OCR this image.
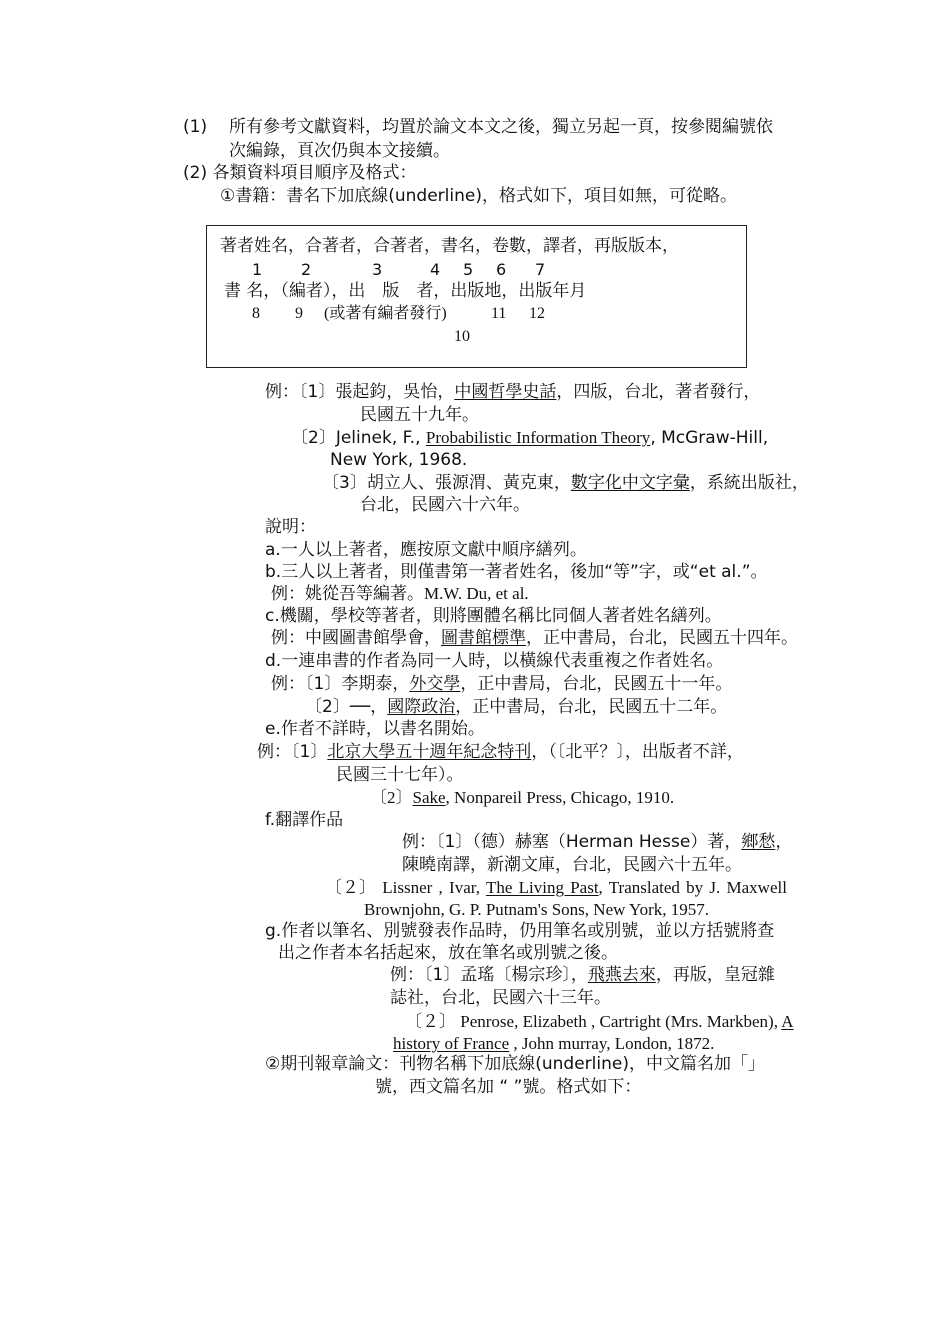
(1) 所有參考文獻資料，均置於論文本文之後，獨立另起一頁，按參閱編號依
次編錄，頁次仍與本文接續。
(2) 各類資料項目順序及格式：
①書籍：書名下加底線(underline)，格式如下，項目如無，可從略。
著者姓名，合著者，合著者，書名，卷數，譯者，再版版本，
1 2	3	4 5 6 7
書 名，（編者），出　版　者，出版地，出版年月
8 9 (或著有編者發行)	11 12
10
例：〔1〕張起鈞，吳怡，中國哲學史話，四版，台北，著者發行，
民國五十九年。
〔2〕Jelinek, F., Probabilistic Information Theory, McGraw-Hill,
New York, 1968.
〔3〕胡立人、張源渭、黃克東，數字化中文字彙，系統出版社，
台北，民國六十六年。
說明：
a.一人以上著者，應按原文獻中順序繕列。
b.三人以上著者，則僅書第一著者姓名，後加“等”字，或“et al.”。
例：姚從吾等編著。M.W. Du, et al.
c.機關，學校等著者，則將團體名稱比同個人著者姓名繕列。
例：中國圖書館學會，圖書館標準，正中書局，台北，民國五十四年。
d.一連串書的作者為同一人時，以橫線代表重複之作者姓名。
例：〔1〕李期泰，外交學，正中書局，台北，民國五十一年。
〔2〕──，國際政治，正中書局，台北，民國五十二年。
e.作者不詳時，以書名開始。
例：〔1〕北京大學五十週年紀念特刊，（〔北平？〕，出版者不詳，
民國三十七年）。
〔2〕Sake, Nonpareil Press, Chicago, 1910.
f.翻譯作品
例：〔1〕（德）赫塞（Herman Hesse）著，鄉愁，
陳曉南譯，新潮文庫，台北，民國六十五年。
〔２〕 Lissner , Ivar, The Living Past, Translated by J. Maxwell
Brownjohn, G. P. Putnam's Sons, New York, 1957.
g.作者以筆名、別號發表作品時，仍用筆名或別號，並以方括號將查
出之作者本名括起來，放在筆名或別號之後。
例：〔1〕孟瑤〔楊宗珍〕，飛燕去來，再版，皇冠雜
誌社，台北，民國六十三年。
〔２〕 Penrose, Elizabeth , Cartright (Mrs. Markben), A
history of France , John murray, London, 1872.
②期刊報章論文：刊物名稱下加底線(underline)，中文篇名加「」
號，西文篇名加 “ ”號。格式如下：
